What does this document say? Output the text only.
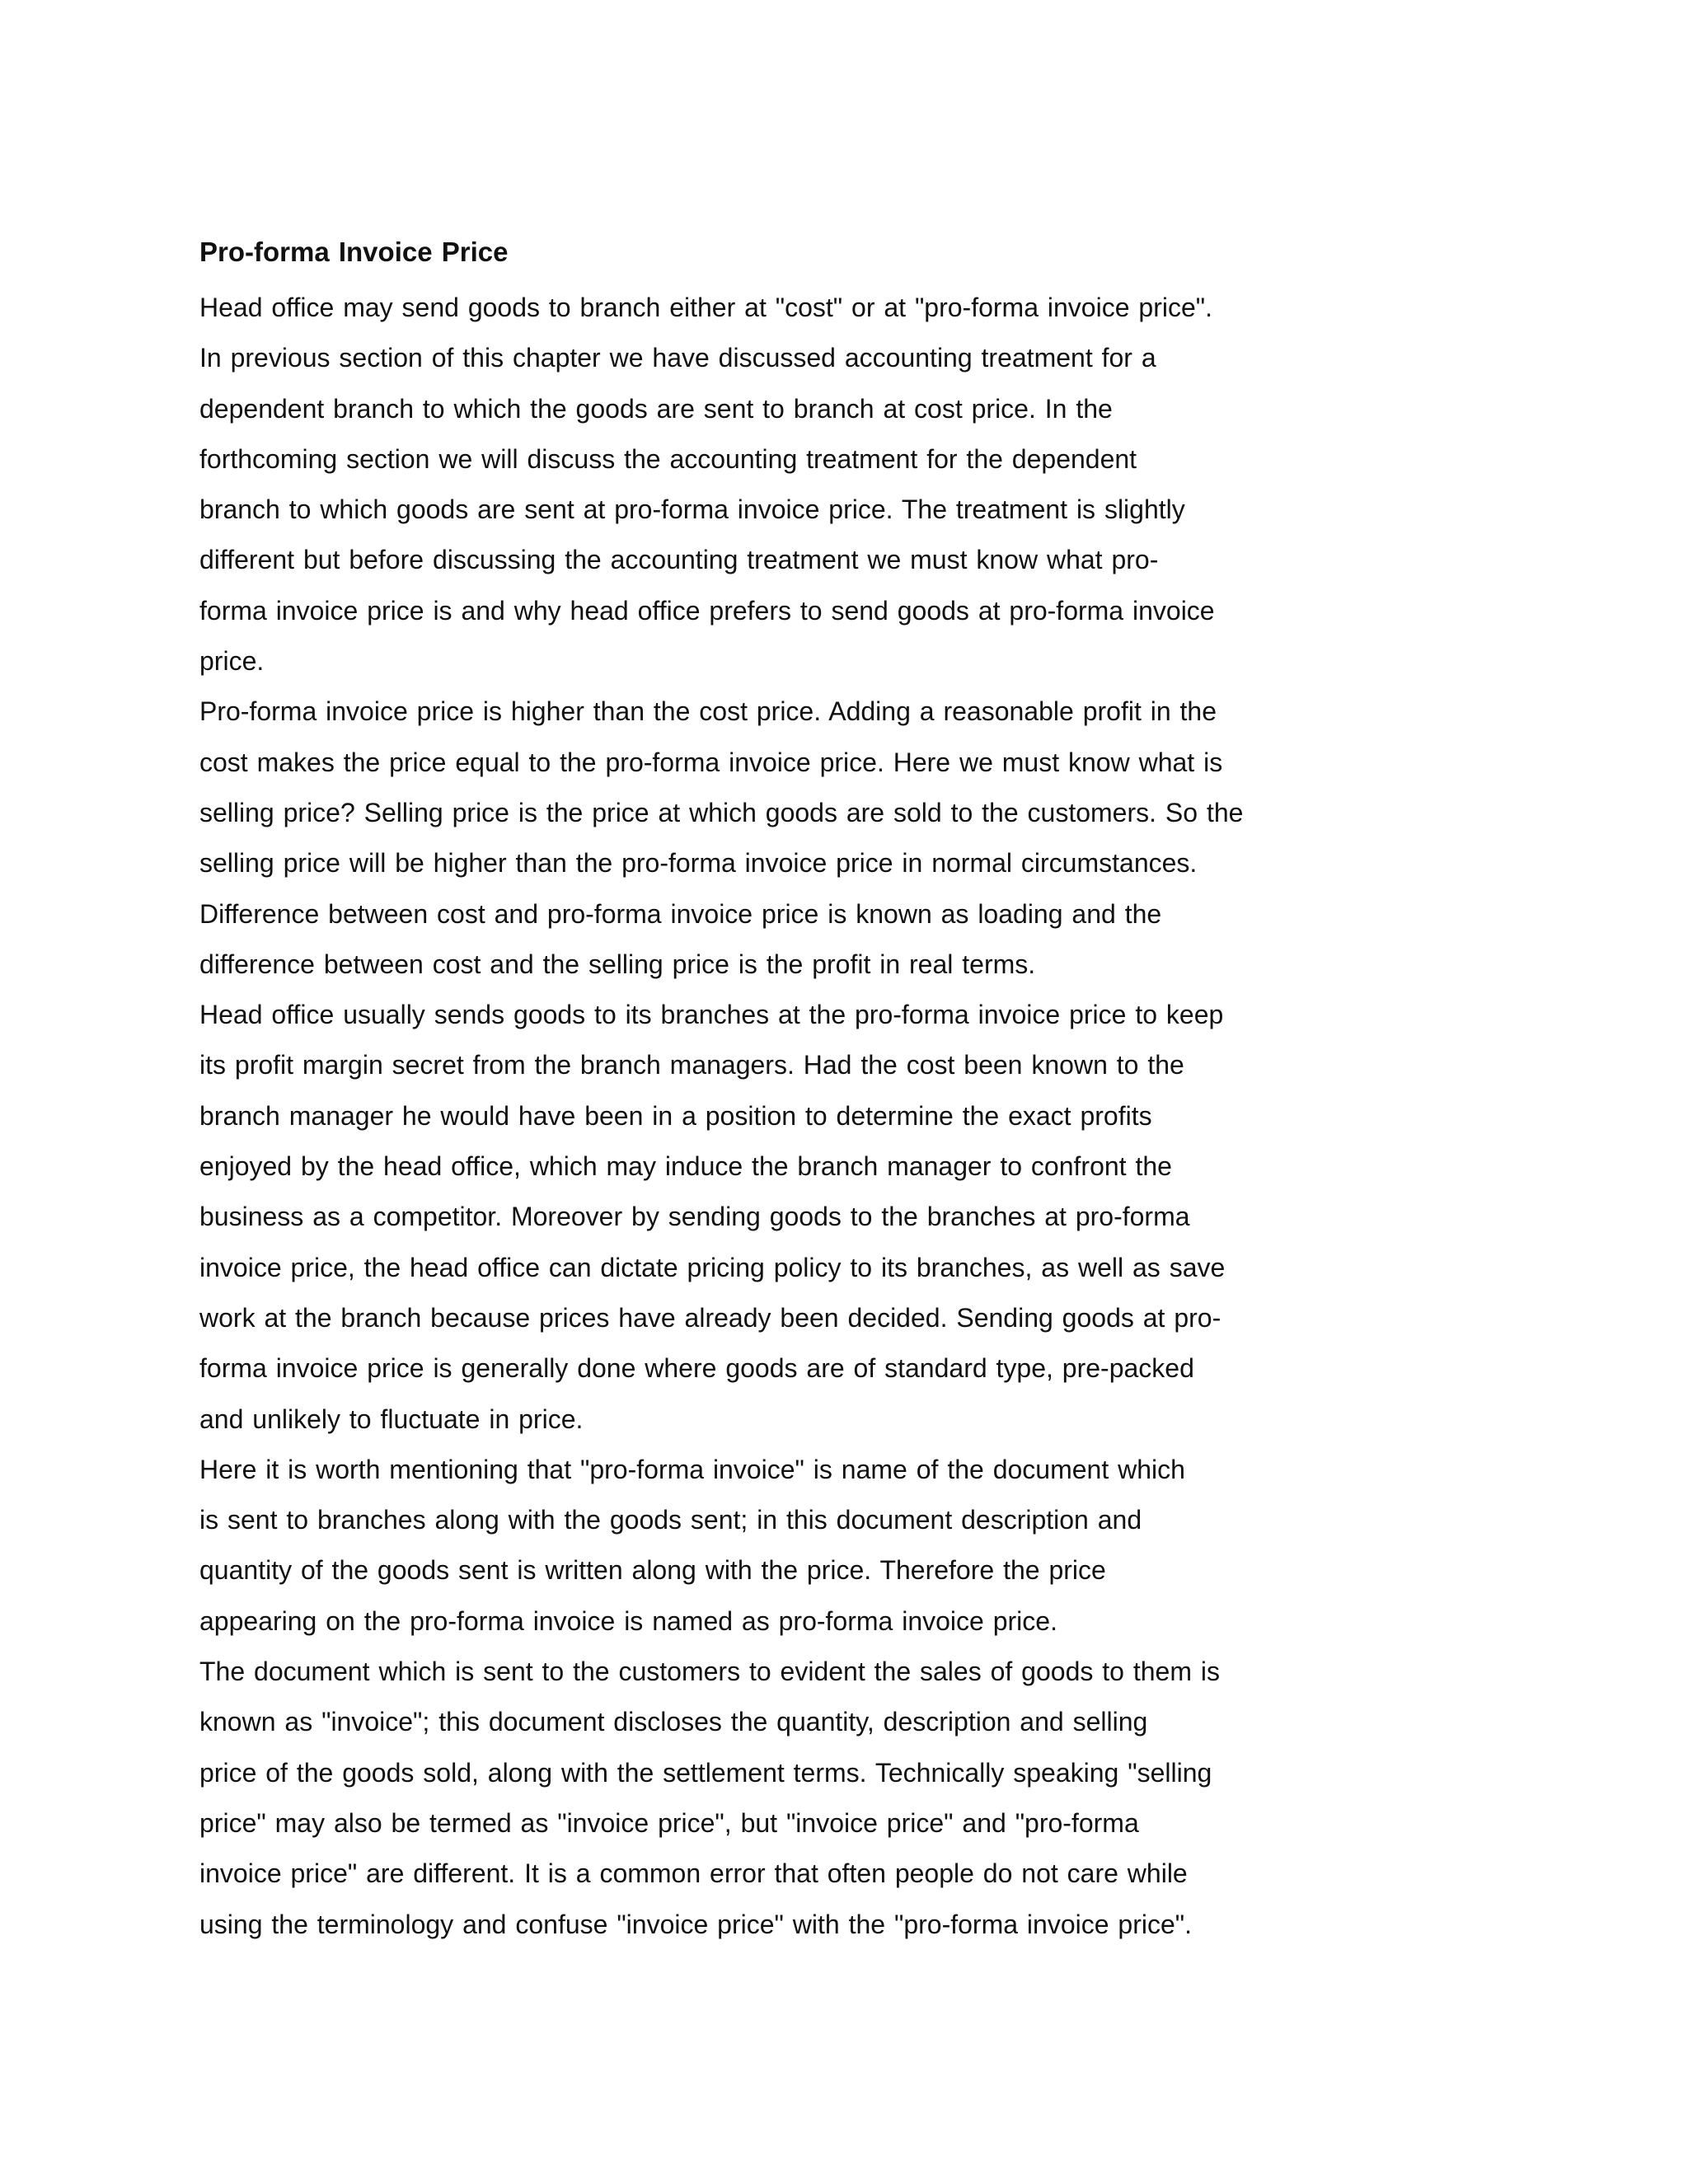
Pro-forma Invoice Price
Head office may send goods to branch either at "cost" or at "pro-forma invoice price".
In previous section of this chapter we have discussed accounting treatment for a
dependent branch to which the goods are sent to branch at cost price. In the
forthcoming section we will discuss the accounting treatment for the dependent
branch to which goods are sent at pro-forma invoice price. The treatment is slightly
different but before discussing the accounting treatment we must know what pro-
forma invoice price is and why head office prefers to send goods at pro-forma invoice
price.
Pro-forma invoice price is higher than the cost price. Adding a reasonable profit in the
cost makes the price equal to the pro-forma invoice price. Here we must know what is
selling price? Selling price is the price at which goods are sold to the customers. So the
selling price will be higher than the pro-forma invoice price in normal circumstances.
Difference between cost and pro-forma invoice price is known as loading and the
difference between cost and the selling price is the profit in real terms.
Head office usually sends goods to its branches at the pro-forma invoice price to keep
its profit margin secret from the branch managers. Had the cost been known to the
branch manager he would have been in a position to determine the exact profits
enjoyed by the head office, which may induce the branch manager to confront the
business as a competitor. Moreover by sending goods to the branches at pro-forma
invoice price, the head office can dictate pricing policy to its branches, as well as save
work at the branch because prices have already been decided. Sending goods at pro-
forma invoice price is generally done where goods are of standard type, pre-packed
and unlikely to fluctuate in price.
Here it is worth mentioning that "pro-forma invoice" is name of the document which
is sent to branches along with the goods sent; in this document description and
quantity of the goods sent is written along with the price. Therefore the price
appearing on the pro-forma invoice is named as pro-forma invoice price.
The document which is sent to the customers to evident the sales of goods to them is
known as "invoice"; this document discloses the quantity, description and selling
price of the goods sold, along with the settlement terms. Technically speaking "selling
price" may also be termed as "invoice price", but "invoice price" and "pro-forma
invoice price" are different. It is a common error that often people do not care while
using the terminology and confuse "invoice price" with the "pro-forma invoice price".
